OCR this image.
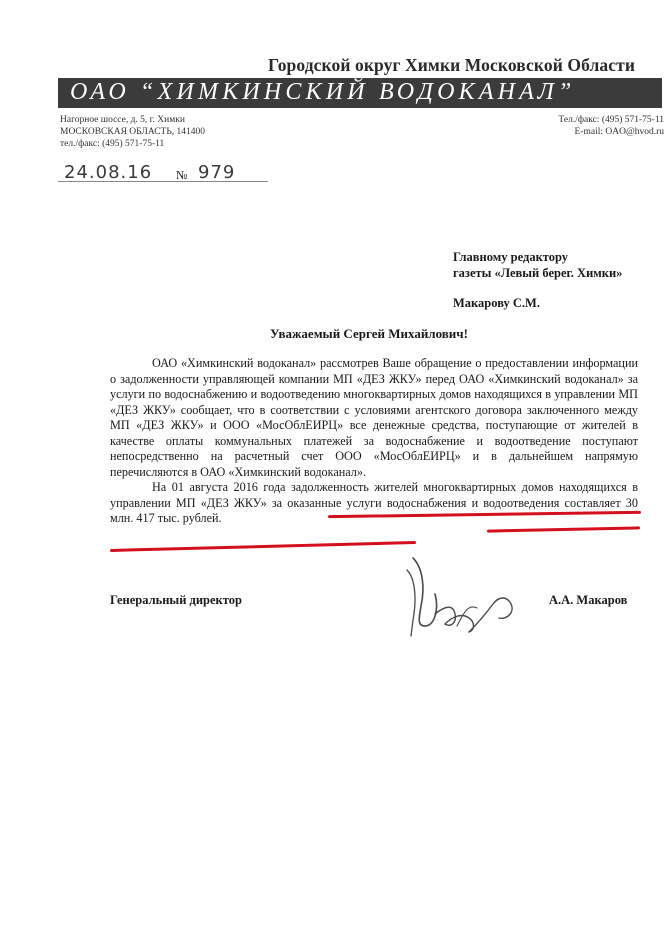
Городской округ Химки Московской Области
ОАО “ХИМКИНСКИЙ ВОДОКАНАЛ”
Нагорное шоссе, д. 5, г. Химки
МОСКОВСКАЯ ОБЛАСТЬ, 141400
тел./факс: (495) 571-75-11
Тел./факс: (495) 571-75-11
E-mail: OAO@hvod.ru
24.08.16 № 979
Главному редактору
газеты «Левый берег. Химки»
Макарову С.М.
Уважаемый Сергей Михайлович!

ОАО «Химкинский водоканал» рассмотрев Ваше обращение о предоставлении информации о задолженности управляющей компании МП «ДЕЗ ЖКУ» перед ОАО «Химкинский водоканал» за услуги по водоснабжению и водоотведению многоквартирных домов находящихся в управлении МП «ДЕЗ ЖКУ» сообщает, что в соответствии с условиями агентского договора заключенного между МП «ДЕЗ ЖКУ» и ООО «МосОблЕИРЦ» все денежные средства, поступающие от жителей в качестве оплаты коммунальных платежей за водоснабжение и водоотведение поступают непосредственно на расчетный счет ООО «МосОблЕИРЦ» и в дальнейшем напрямую перечисляются в ОАО «Химкинский водоканал».

На 01 августа 2016 года задолженность жителей многоквартирных домов находящихся в управлении МП «ДЕЗ ЖКУ» за оказанные услуги водоснабжения и водоотведения составляет 30 млн. 417 тыс. рублей.

Генеральный директор	А.А. Макаров
